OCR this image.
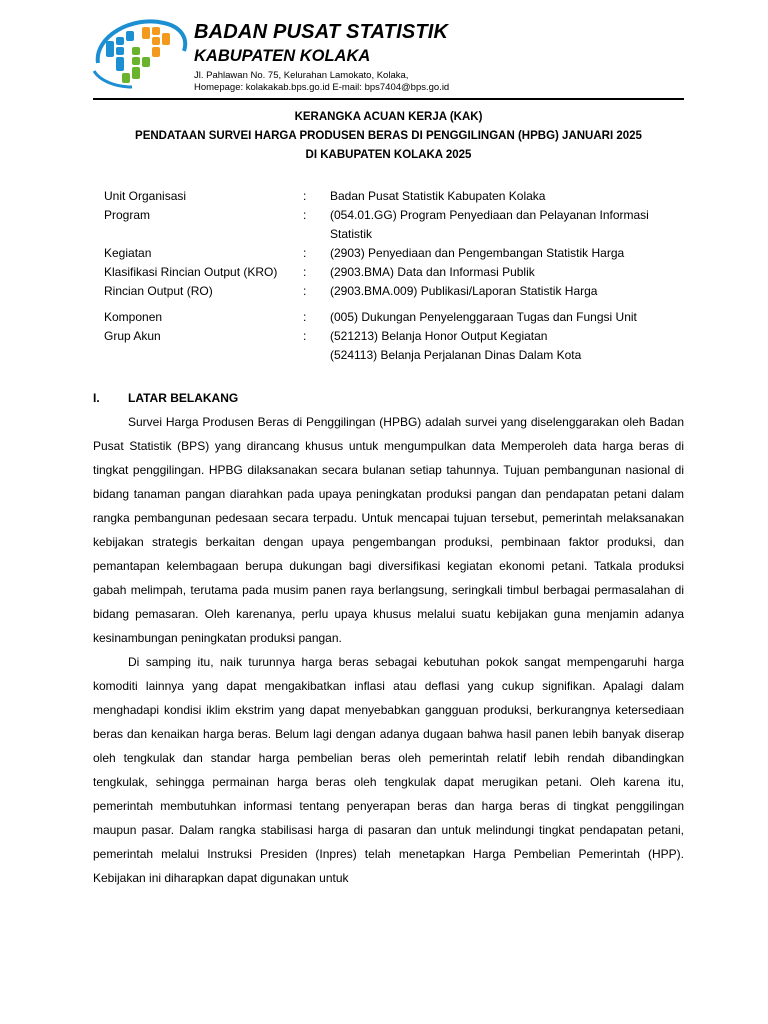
BADAN PUSAT STATISTIK
KABUPATEN KOLAKA
Jl. Pahlawan No. 75, Kelurahan Lamokato, Kolaka,
Homepage: kolakakab.bps.go.id E-mail: bps7404@bps.go.id
KERANGKA ACUAN KERJA (KAK)
PENDATAAN SURVEI HARGA PRODUSEN BERAS DI PENGGILINGAN (HPBG) JANUARI 2025
DI KABUPATEN KOLAKA 2025
Unit Organisasi	: Badan Pusat Statistik Kabupaten Kolaka
Program	: (054.01.GG) Program Penyediaan dan Pelayanan Informasi
Statistik
Kegiatan	: (2903) Penyediaan dan Pengembangan Statistik Harga
Klasifikasi Rincian Output (KRO) : (2903.BMA) Data dan Informasi Publik
Rincian Output (RO)	: (2903.BMA.009) Publikasi/Laporan Statistik Harga
Komponen	: (005) Dukungan Penyelenggaraan Tugas dan Fungsi Unit
Grup Akun	: (521213) Belanja Honor Output Kegiatan
(524113) Belanja Perjalanan Dinas Dalam Kota
I. LATAR BELAKANG

Survei Harga Produsen Beras di Penggilingan (HPBG) adalah survei yang diselenggarakan oleh Badan Pusat Statistik (BPS) yang dirancang khusus untuk mengumpulkan data Memperoleh data harga beras di tingkat penggilingan. HPBG dilaksanakan secara bulanan setiap tahunnya. Tujuan pembangunan nasional di bidang tanaman pangan diarahkan pada upaya peningkatan produksi pangan dan pendapatan petani dalam rangka pembangunan pedesaan secara terpadu. Untuk mencapai tujuan tersebut, pemerintah melaksanakan kebijakan strategis berkaitan dengan upaya pengembangan produksi, pembinaan faktor produksi, dan pemantapan kelembagaan berupa dukungan bagi diversifikasi kegiatan ekonomi petani. Tatkala produksi gabah melimpah, terutama pada musim panen raya berlangsung, seringkali timbul berbagai permasalahan di bidang pemasaran. Oleh karenanya, perlu upaya khusus melalui suatu kebijakan guna menjamin adanya kesinambungan peningkatan produksi pangan.

Di samping itu, naik turunnya harga beras sebagai kebutuhan pokok sangat mempengaruhi harga komoditi lainnya yang dapat mengakibatkan inflasi atau deflasi yang cukup signifikan. Apalagi dalam menghadapi kondisi iklim ekstrim yang dapat menyebabkan gangguan produksi, berkurangnya ketersediaan beras dan kenaikan harga beras. Belum lagi dengan adanya dugaan bahwa hasil panen lebih banyak diserap oleh tengkulak dan standar harga pembelian beras oleh pemerintah relatif lebih rendah dibandingkan tengkulak, sehingga permainan harga beras oleh tengkulak dapat merugikan petani. Oleh karena itu, pemerintah membutuhkan informasi tentang penyerapan beras dan harga beras di tingkat penggilingan maupun pasar. Dalam rangka stabilisasi harga di pasaran dan untuk melindungi tingkat pendapatan petani, pemerintah melalui Instruksi Presiden (Inpres) telah menetapkan Harga Pembelian Pemerintah (HPP). Kebijakan ini diharapkan dapat digunakan untuk
